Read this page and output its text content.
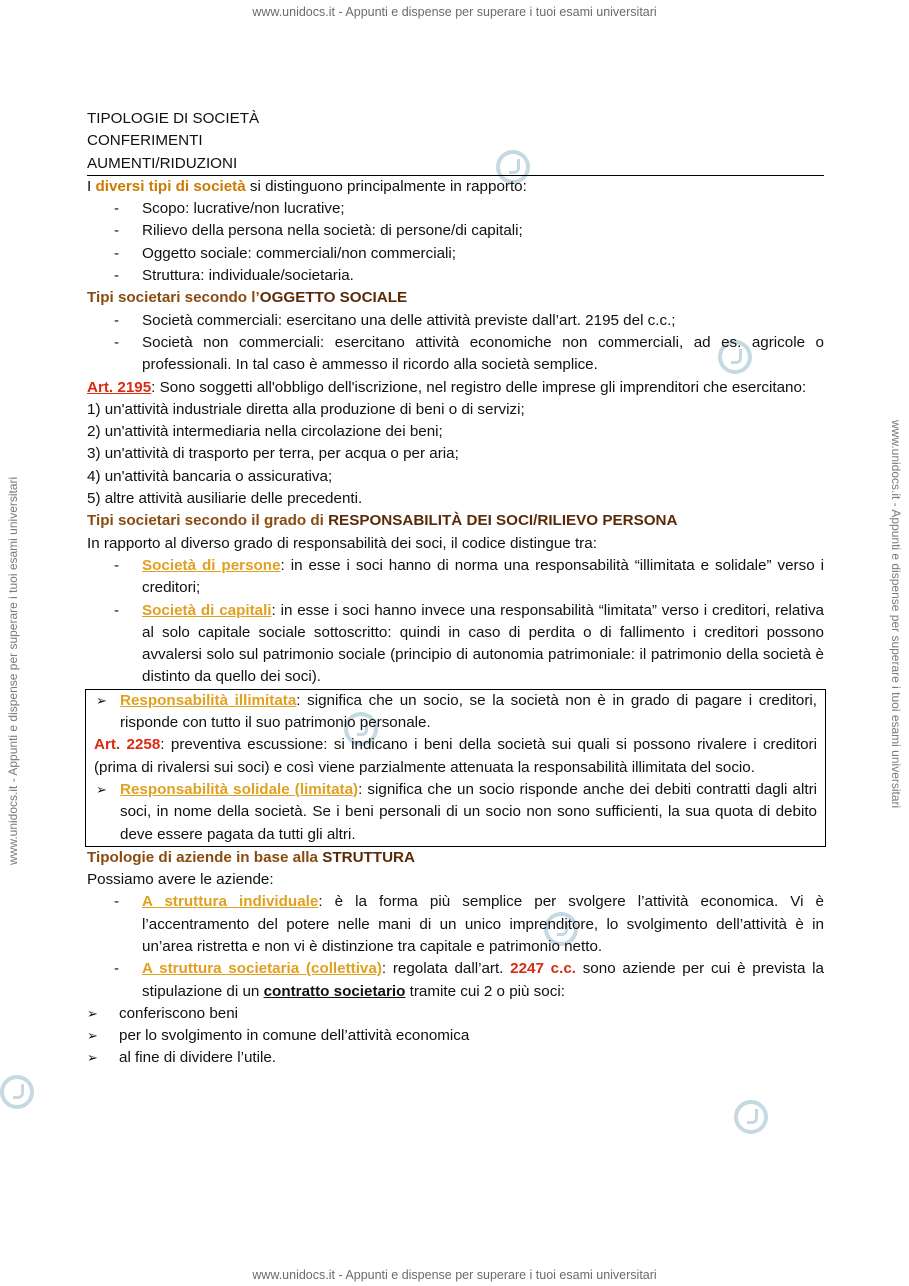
www.unidocs.it - Appunti e dispense per superare i tuoi esami universitari
www.unidocs.it - Appunti e dispense per superare i tuoi esami universitari
www.unidocs.it - Appunti e dispense per superare i tuoi esami universitari	www.unidocs.it - Appunti e dispense per superare i tuoi esami universitari

TIPOLOGIE DI SOCIETÀ

CONFERIMENTI

AUMENTI/RIDUZIONI

I diversi tipi di società si distinguono principalmente in rapporto:

- Scopo: lucrative/non lucrative;
- Rilievo della persona nella società: di persone/di capitali;
- Oggetto sociale: commerciali/non commerciali;
- Struttura: individuale/societaria.

Tipi societari secondo l’OGGETTO SOCIALE

- Società commerciali: esercitano una delle attività previste dall’art. 2195 del c.c.;
- Società non commerciali: esercitano attività economiche non commerciali, ad es. agricole o professionali. In tal caso è ammesso il ricordo alla società semplice.

Art. 2195: Sono soggetti all'obbligo dell'iscrizione, nel registro delle imprese gli imprenditori che esercitano:

1) un'attività industriale diretta alla produzione di beni o di servizi;

2) un'attività intermediaria nella circolazione dei beni;

3) un'attività di trasporto per terra, per acqua o per aria;

4) un'attività bancaria o assicurativa;

5) altre attività ausiliarie delle precedenti.

Tipi societari secondo il grado di RESPONSABILITÀ DEI SOCI/RILIEVO PERSONA

In rapporto al diverso grado di responsabilità dei soci, il codice distingue tra:

- Società di persone: in esse i soci hanno di norma una responsabilità “illimitata e solidale” verso i creditori;
- Società di capitali: in esse i soci hanno invece una responsabilità “limitata” verso i creditori, relativa al solo capitale sociale sottoscritto: quindi in caso di perdita o di fallimento i creditori possono avvalersi solo sul patrimonio sociale (principio di autonomia patrimoniale: il patrimonio della società è distinto da quello dei soci).

➢ Responsabilità illimitata: significa che un socio, se la società non è in grado di pagare i creditori, risponde con tutto il suo patrimonio personale.

Art. 2258: preventiva escussione: si indicano i beni della società sui quali si possono rivalere i creditori (prima di rivalersi sui soci) e così viene parzialmente attenuata la responsabilità illimitata del socio.

➢ Responsabilità solidale (limitata): significa che un socio risponde anche dei debiti contratti dagli altri soci, in nome della società. Se i beni personali di un socio non sono sufficienti, la sua quota di debito deve essere pagata da tutti gli altri.

Tipologie di aziende in base alla STRUTTURA

Possiamo avere le aziende:

- A struttura individuale: è la forma più semplice per svolgere l’attività economica. Vi è l’accentramento del potere nelle mani di un unico imprenditore, lo svolgimento dell’attività è in un’area ristretta e non vi è distinzione tra capitale e patrimonio netto.
- A struttura societaria (collettiva): regolata dall’art. 2247 c.c. sono aziende per cui è prevista la stipulazione di un contratto societario tramite cui 2 o più soci:
➢ conferiscono beni
➢ per lo svolgimento in comune dell’attività economica
➢ al fine di dividere l’utile.
